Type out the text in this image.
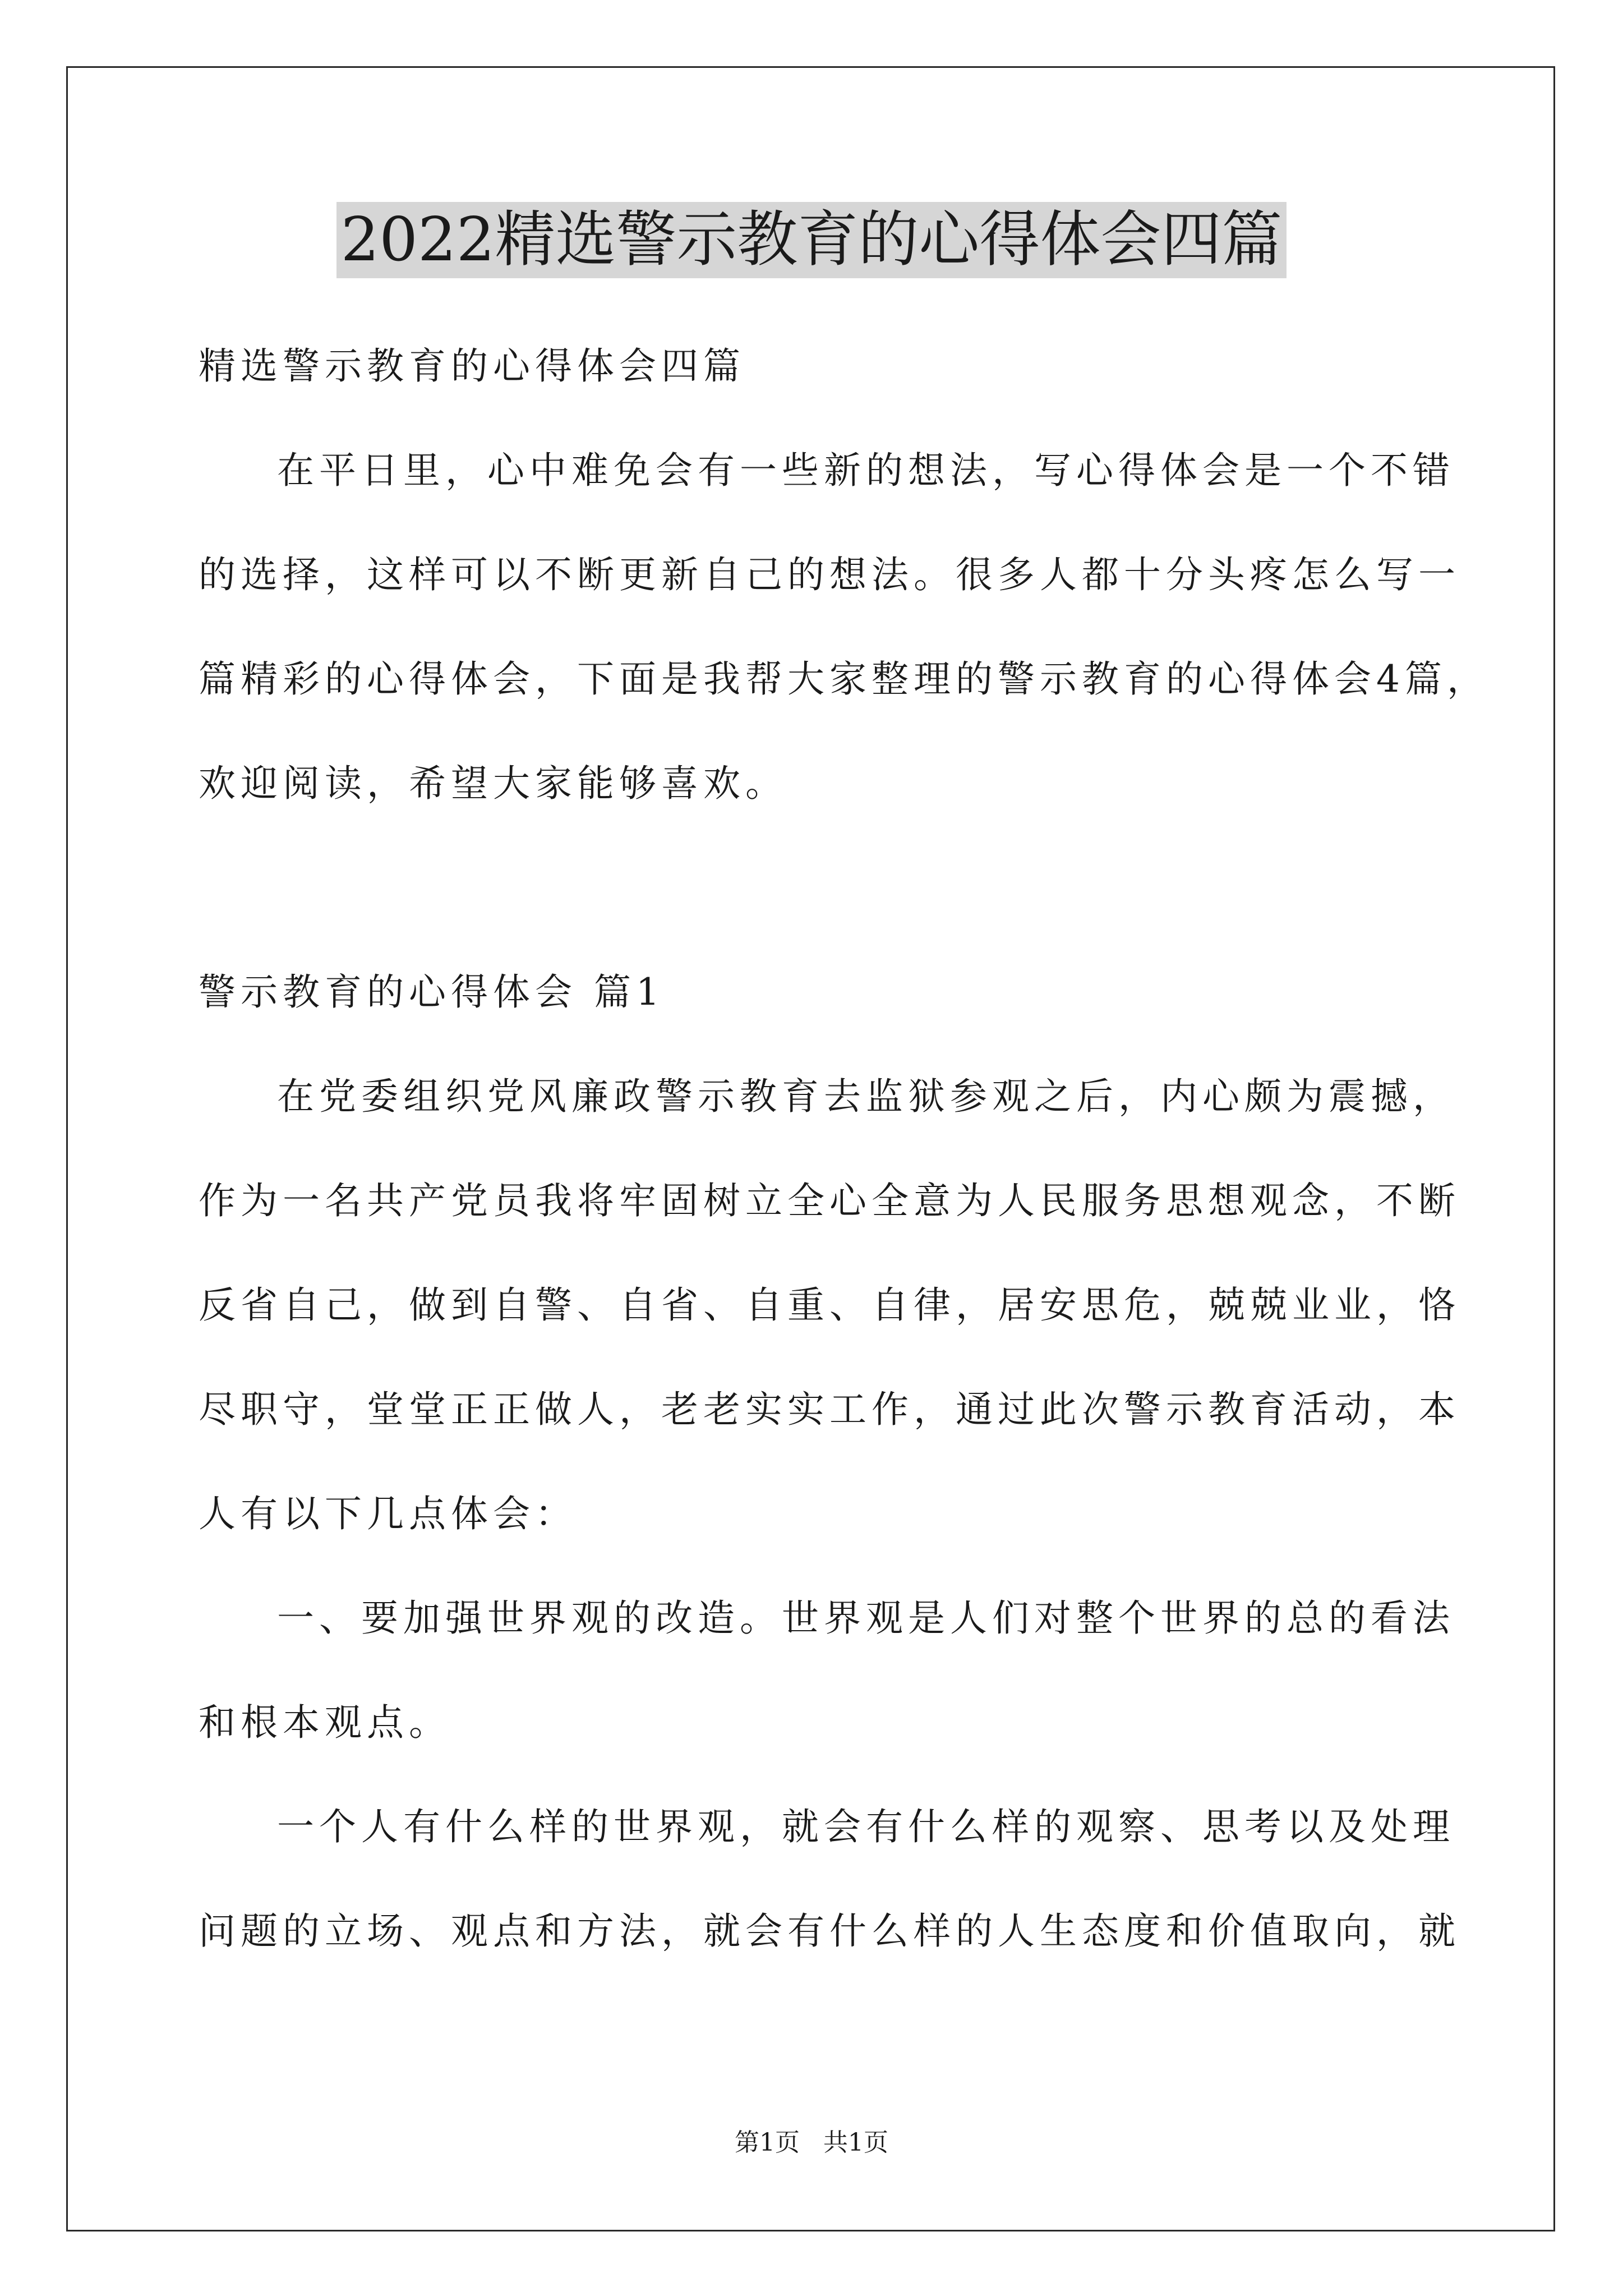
2022精选警示教育的心得体会四篇
精选警示教育的心得体会四篇
在平日里，心中难免会有一些新的想法，写心得体会是一个不错
的选择，这样可以不断更新自己的想法。很多人都十分头疼怎么写一
篇精彩的心得体会，下面是我帮大家整理的警示教育的心得体会4篇，
欢迎阅读，希望大家能够喜欢。
警示教育的心得体会 篇1
在党委组织党风廉政警示教育去监狱参观之后，内心颇为震撼，
作为一名共产党员我将牢固树立全心全意为人民服务思想观念，不断
反省自己，做到自警、自省、自重、自律，居安思危，兢兢业业，恪
尽职守，堂堂正正做人，老老实实工作，通过此次警示教育活动，本
人有以下几点体会：
一、要加强世界观的改造。世界观是人们对整个世界的总的看法
和根本观点。
一个人有什么样的世界观，就会有什么样的观察、思考以及处理
问题的立场、观点和方法，就会有什么样的人生态度和价值取向，就
第1页   共1页
